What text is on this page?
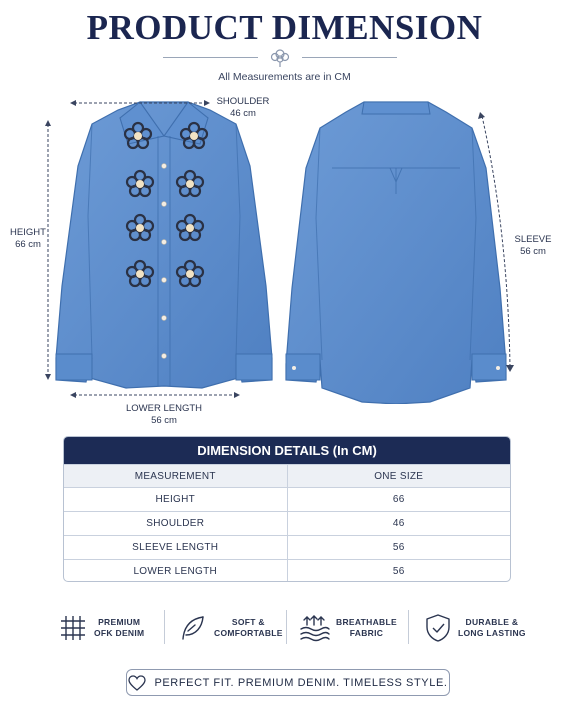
PRODUCT DIMENSION
All Measurements are in CM
SHOULDER
46 cm
HEIGHT
66 cm
LOWER LENGTH
56 cm
SLEEVE
56 cm
DIMENSION DETAILS (In CM)
MEASUREMENT	ONE SIZE
HEIGHT	66
SHOULDER	46
SLEEVE LENGTH	56
LOWER LENGTH	56
PREMIUM
OFK DENIM
SOFT &
COMFORTABLE
BREATHABLE
FABRIC
DURABLE &
LONG LASTING
PERFECT FIT. PREMIUM DENIM. TIMELESS STYLE.
